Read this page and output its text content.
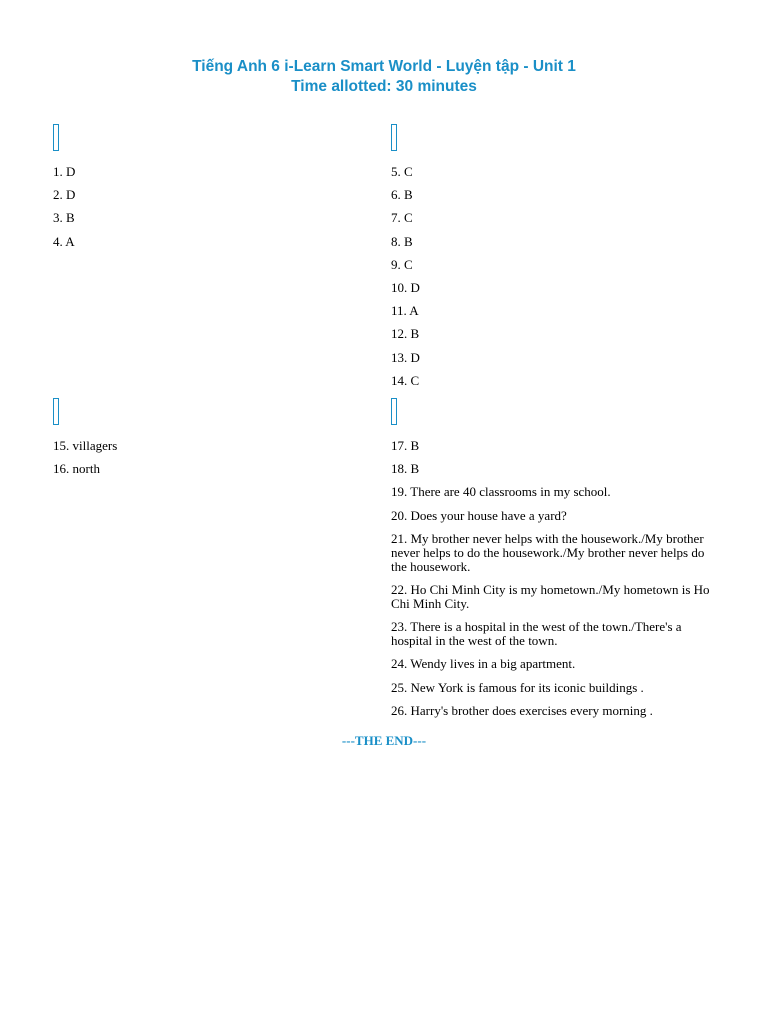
Tiếng Anh 6 i-Learn Smart World - Luyện tập - Unit 1
Time allotted: 30 minutes
1. D
2. D
3. B
4. A
5. C
6. B
7. C
8. B
9. C
10. D
11. A
12. B
13. D
14. C
15. villagers
16. north
17. B
18. B
19. There are 40 classrooms in my school.
20. Does your house have a yard?
21. My brother never helps with the housework./My brother never helps to do the housework./My brother never helps do the housework.
22. Ho Chi Minh City is my hometown./My hometown is Ho Chi Minh City.
23. There is a hospital in the west of the town./There's a hospital in the west of the town.
24. Wendy lives in a big apartment.
25. New York is famous for its iconic buildings .
26. Harry's brother does exercises every morning .
---THE END---
